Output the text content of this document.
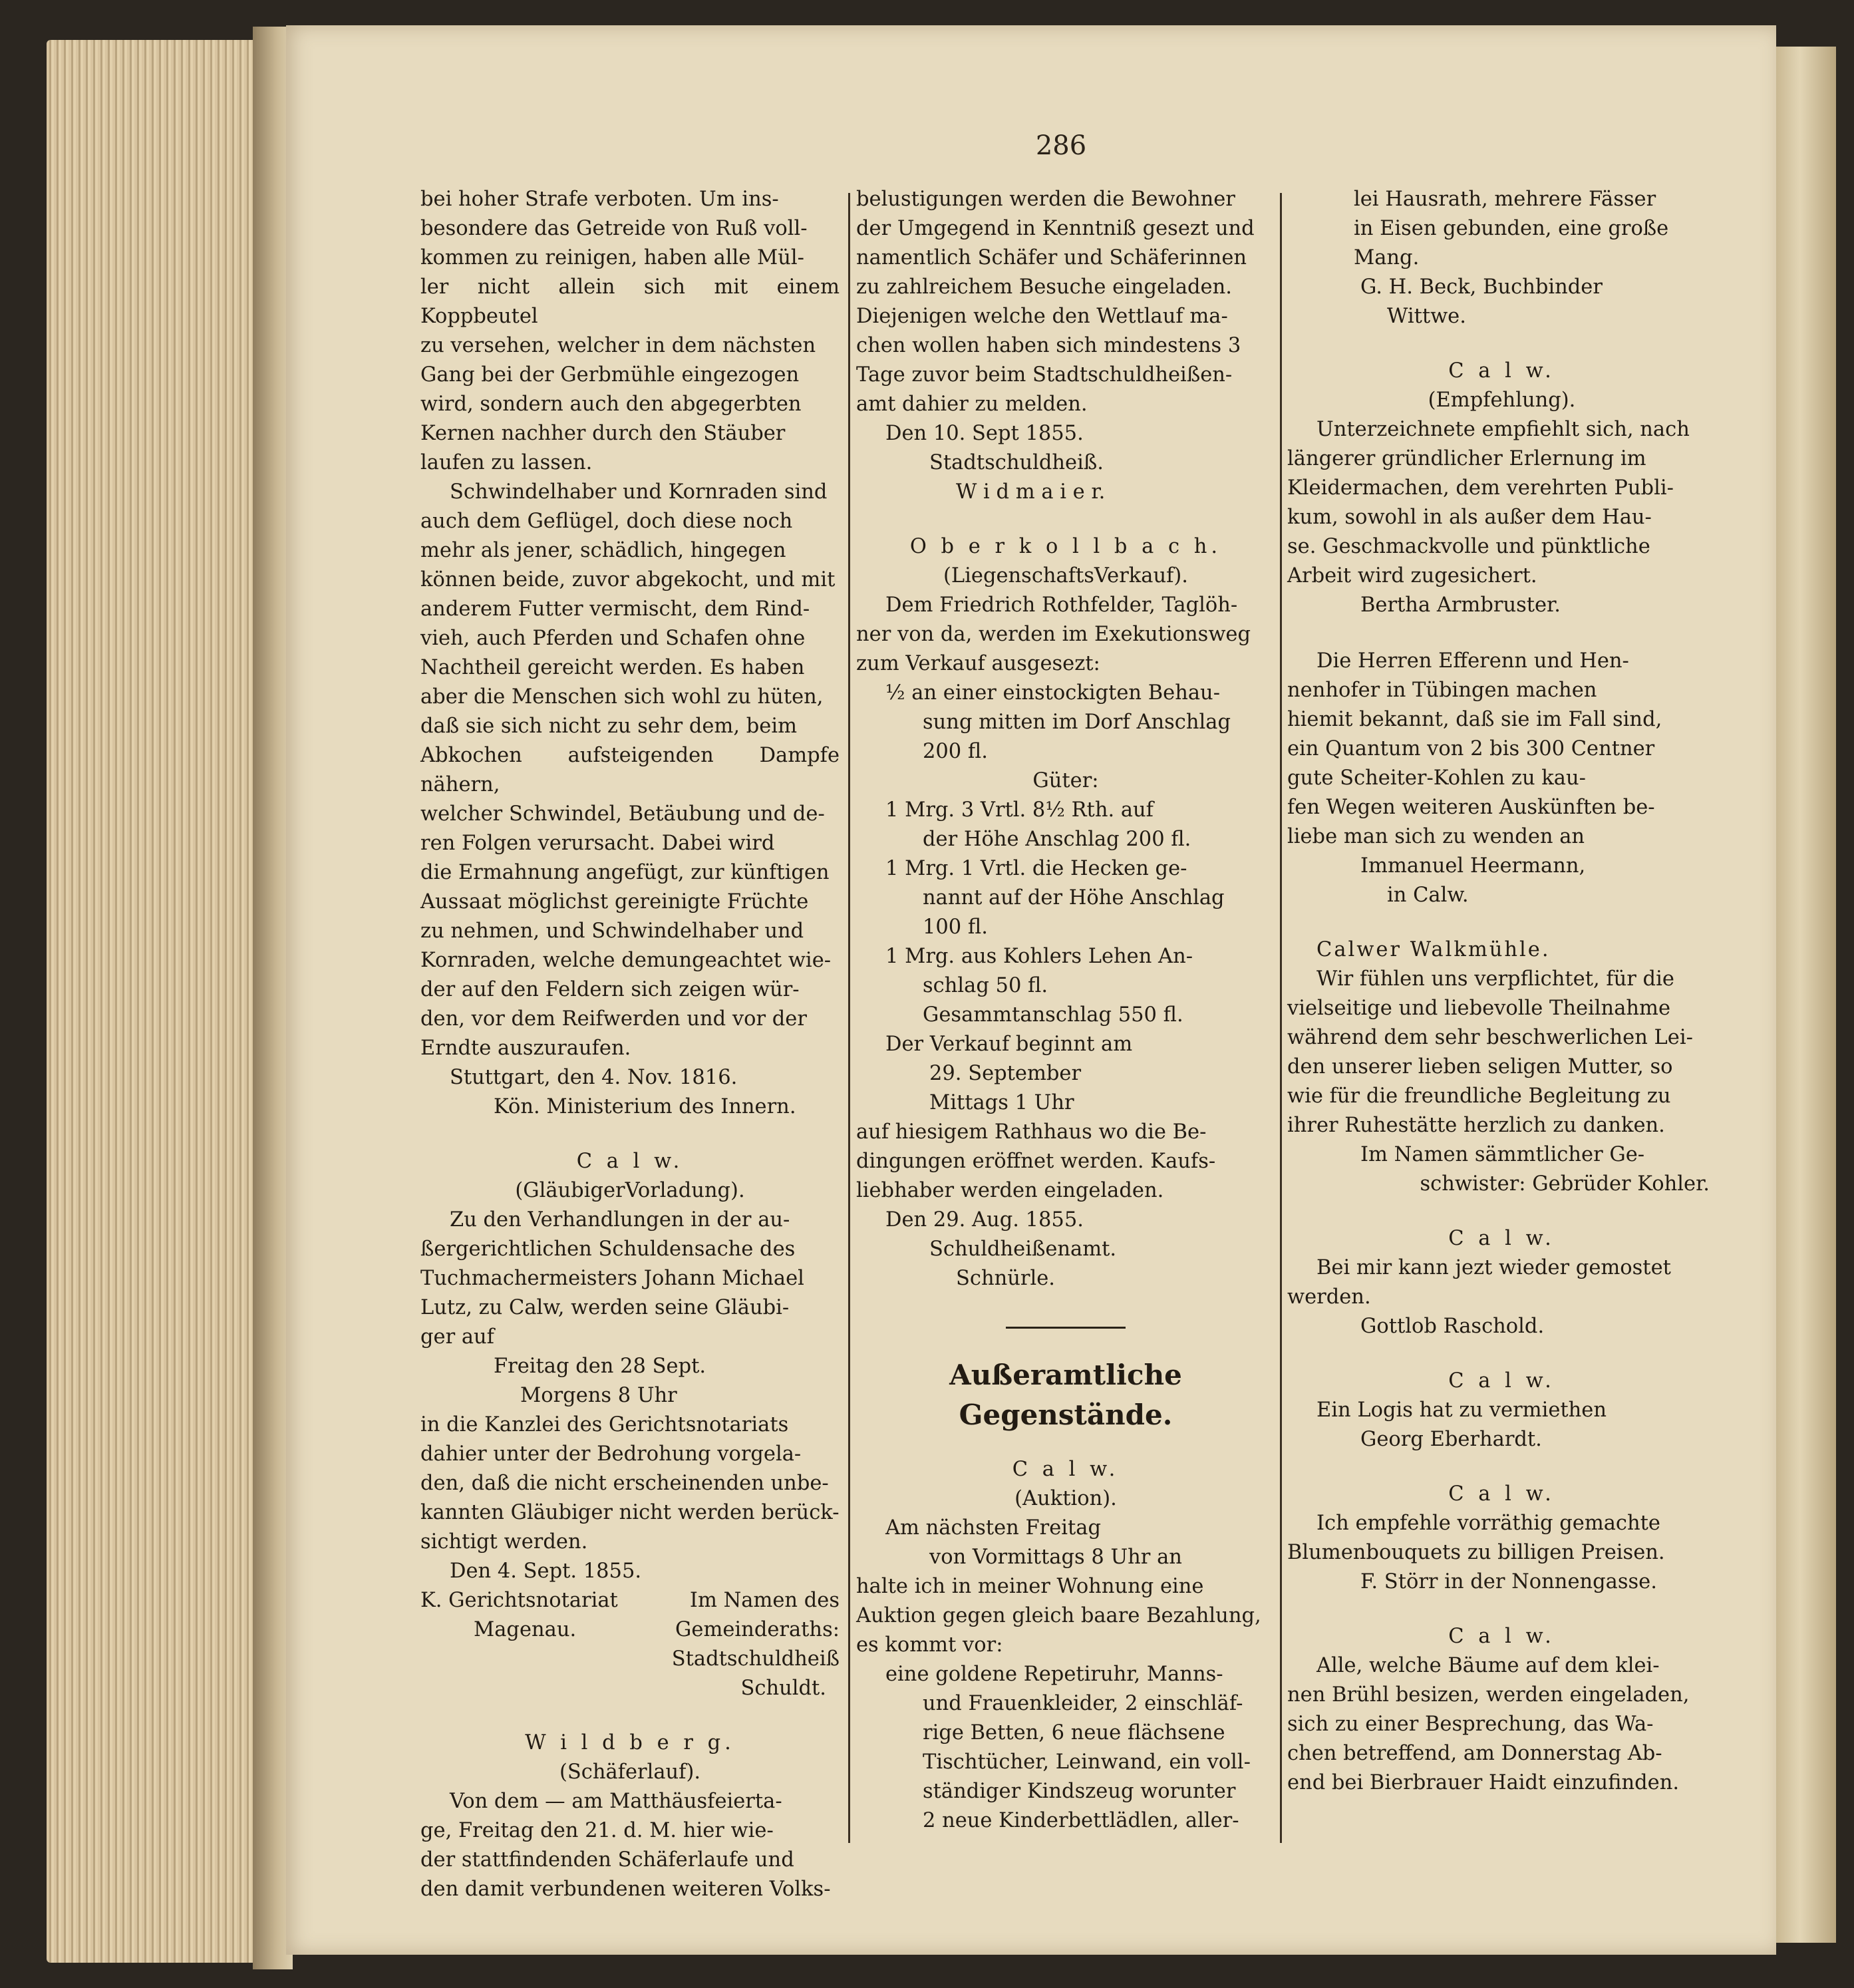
286

bei hoher Strafe verboten. Um ins-

besondere das Getreide von Ruß voll-

kommen zu reinigen, haben alle Mül-

ler nicht allein sich mit einem Koppbeutel

zu versehen, welcher in dem nächsten

Gang bei der Gerbmühle eingezogen

wird, sondern auch den abgegerbten

Kernen nachher durch den Stäuber

laufen zu lassen.

Schwindelhaber und Kornraden sind

auch dem Geflügel, doch diese noch

mehr als jener, schädlich, hingegen

können beide, zuvor abgekocht, und mit

anderem Futter vermischt, dem Rind-

vieh, auch Pferden und Schafen ohne

Nachtheil gereicht werden. Es haben

aber die Menschen sich wohl zu hüten,

daß sie sich nicht zu sehr dem, beim

Abkochen aufsteigenden Dampfe nähern,

welcher Schwindel, Betäubung und de-

ren Folgen verursacht. Dabei wird

die Ermahnung angefügt, zur künftigen

Aussaat möglichst gereinigte Früchte

zu nehmen, und Schwindelhaber und

Kornraden, welche demungeachtet wie-

der auf den Feldern sich zeigen wür-

den, vor dem Reifwerden und vor der

Erndte auszuraufen.

Stuttgart, den 4. Nov. 1816.

Kön. Ministerium des Innern.

C a l w.

(GläubigerVorladung).

Zu den Verhandlungen in der au-

ßergerichtlichen Schuldensache des

Tuchmachermeisters Johann Michael

Lutz, zu Calw, werden seine Gläubi-

ger auf

Freitag den 28 Sept.

Morgens 8 Uhr

in die Kanzlei des Gerichtsnotariats

dahier unter der Bedrohung vorgela-

den, daß die nicht erscheinenden unbe-

kannten Gläubiger nicht werden berück-

sichtigt werden.

Den 4. Sept. 1855.

K. Gerichtsnotariat
Magenau.
Im Namen des
Gemeinderaths:
Stadtschuldheiß
Schuldt.

W i l d b e r g.

(Schäferlauf).

Von dem — am Matthäusfeierta-

ge, Freitag den 21. d. M. hier wie-

der stattfindenden Schäferlaufe und

den damit verbundenen weiteren Volks-

belustigungen werden die Bewohner

der Umgegend in Kenntniß gesezt und

namentlich Schäfer und Schäferinnen

zu zahlreichem Besuche eingeladen.

Diejenigen welche den Wettlauf ma-

chen wollen haben sich mindestens 3

Tage zuvor beim Stadtschuldheißen-

amt dahier zu melden.

Den 10. Sept 1855.

Stadtschuldheiß.

W i d m a i e r.

O b e r k o l l b a c h.

(LiegenschaftsVerkauf).

Dem Friedrich Rothfelder, Taglöh-

ner von da, werden im Exekutionsweg

zum Verkauf ausgesezt:

½ an einer einstockigten Behau-

sung mitten im Dorf Anschlag

200 fl.

Güter:

1 Mrg. 3 Vrtl. 8½ Rth. auf

der Höhe Anschlag 200 fl.

1 Mrg. 1 Vrtl. die Hecken ge-

nannt auf der Höhe Anschlag

100 fl.

1 Mrg. aus Kohlers Lehen An-

schlag 50 fl.

Gesammtanschlag 550 fl.

Der Verkauf beginnt am

29. September

Mittags 1 Uhr

auf hiesigem Rathhaus wo die Be-

dingungen eröffnet werden. Kaufs-

liebhaber werden eingeladen.

Den 29. Aug. 1855.

Schuldheißenamt.

Schnürle.

Außeramtliche Gegenstände.

C a l w.

(Auktion).

Am nächsten Freitag

von Vormittags 8 Uhr an

halte ich in meiner Wohnung eine

Auktion gegen gleich baare Bezahlung,

es kommt vor:

eine goldene Repetiruhr, Manns-

und Frauenkleider, 2 einschläf-

rige Betten, 6 neue flächsene

Tischtücher, Leinwand, ein voll-

ständiger Kindszeug worunter

2 neue Kinderbettlädlen, aller-

lei Hausrath, mehrere Fässer

in Eisen gebunden, eine große

Mang.

G. H. Beck, Buchbinder

Wittwe.

C a l w.

(Empfehlung).

Unterzeichnete empfiehlt sich, nach

längerer gründlicher Erlernung im

Kleidermachen, dem verehrten Publi-

kum, sowohl in als außer dem Hau-

se. Geschmackvolle und pünktliche

Arbeit wird zugesichert.

Bertha Armbruster.

Die Herren Efferenn und Hen-

nenhofer in Tübingen machen

hiemit bekannt, daß sie im Fall sind,

ein Quantum von 2 bis 300 Centner

gute Scheiter-Kohlen zu kau-

fen Wegen weiteren Auskünften be-

liebe man sich zu wenden an

Immanuel Heermann,

in Calw.

Calwer Walkmühle.

Wir fühlen uns verpflichtet, für die

vielseitige und liebevolle Theilnahme

während dem sehr beschwerlichen Lei-

den unserer lieben seligen Mutter, so

wie für die freundliche Begleitung zu

ihrer Ruhestätte herzlich zu danken.

Im Namen sämmtlicher Ge-

schwister: Gebrüder Kohler.

C a l w.

Bei mir kann jezt wieder gemostet

werden.

Gottlob Raschold.

C a l w.

Ein Logis hat zu vermiethen

Georg Eberhardt.

C a l w.

Ich empfehle vorräthig gemachte

Blumenbouquets zu billigen Preisen.

F. Störr in der Nonnengasse.

C a l w.

Alle, welche Bäume auf dem klei-

nen Brühl besizen, werden eingeladen,

sich zu einer Besprechung, das Wa-

chen betreffend, am Donnerstag Ab-

end bei Bierbrauer Haidt einzufinden.
